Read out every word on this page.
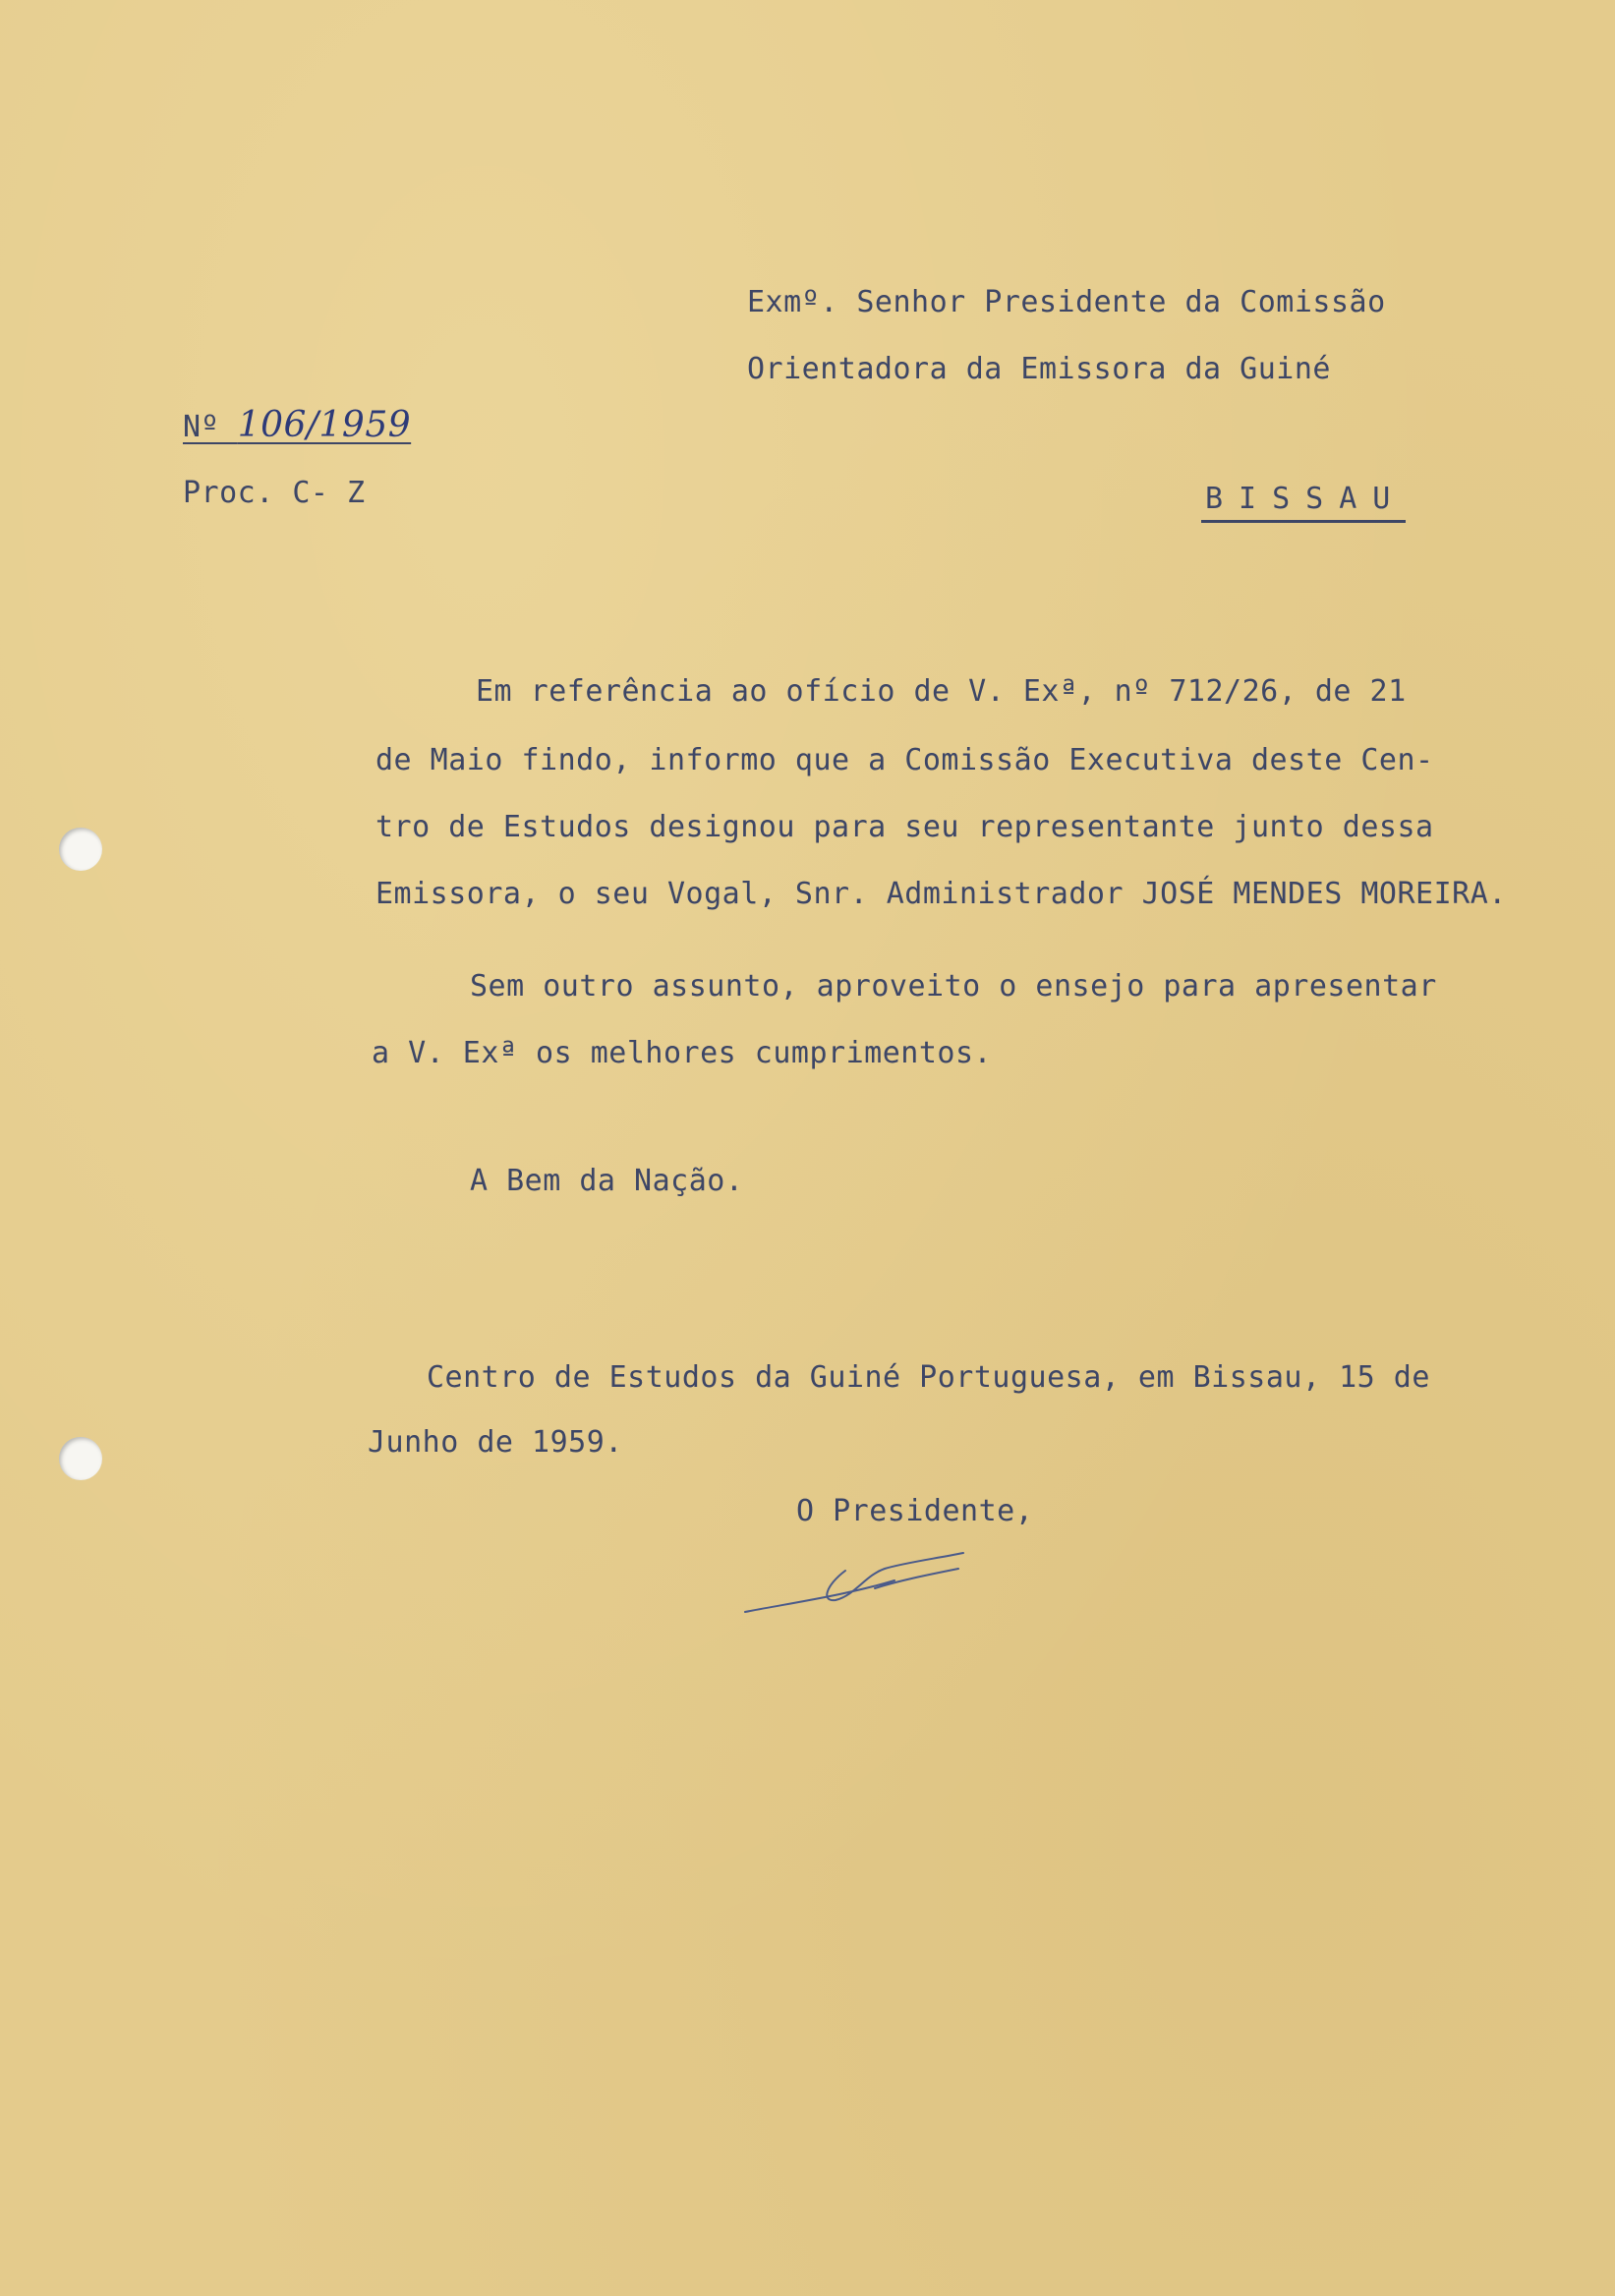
Exmº. Senhor Presidente da Comissão
Orientadora da Emissora da Guiné
Nº 106/1959
Proc. C- Z	BISSAU
Em referência ao ofício de V. Exª, nº 712/26, de 21
de Maio findo, informo que a Comissão Executiva deste Cen-
tro de Estudos designou para seu representante junto dessa
Emissora, o seu Vogal, Snr. Administrador JOSÉ MENDES MOREIRA.
Sem outro assunto, aproveito o ensejo para apresentar
a V. Exª os melhores cumprimentos.
A Bem da Nação.
Centro de Estudos da Guiné Portuguesa, em Bissau, 15 de
Junho de 1959.
O Presidente,
